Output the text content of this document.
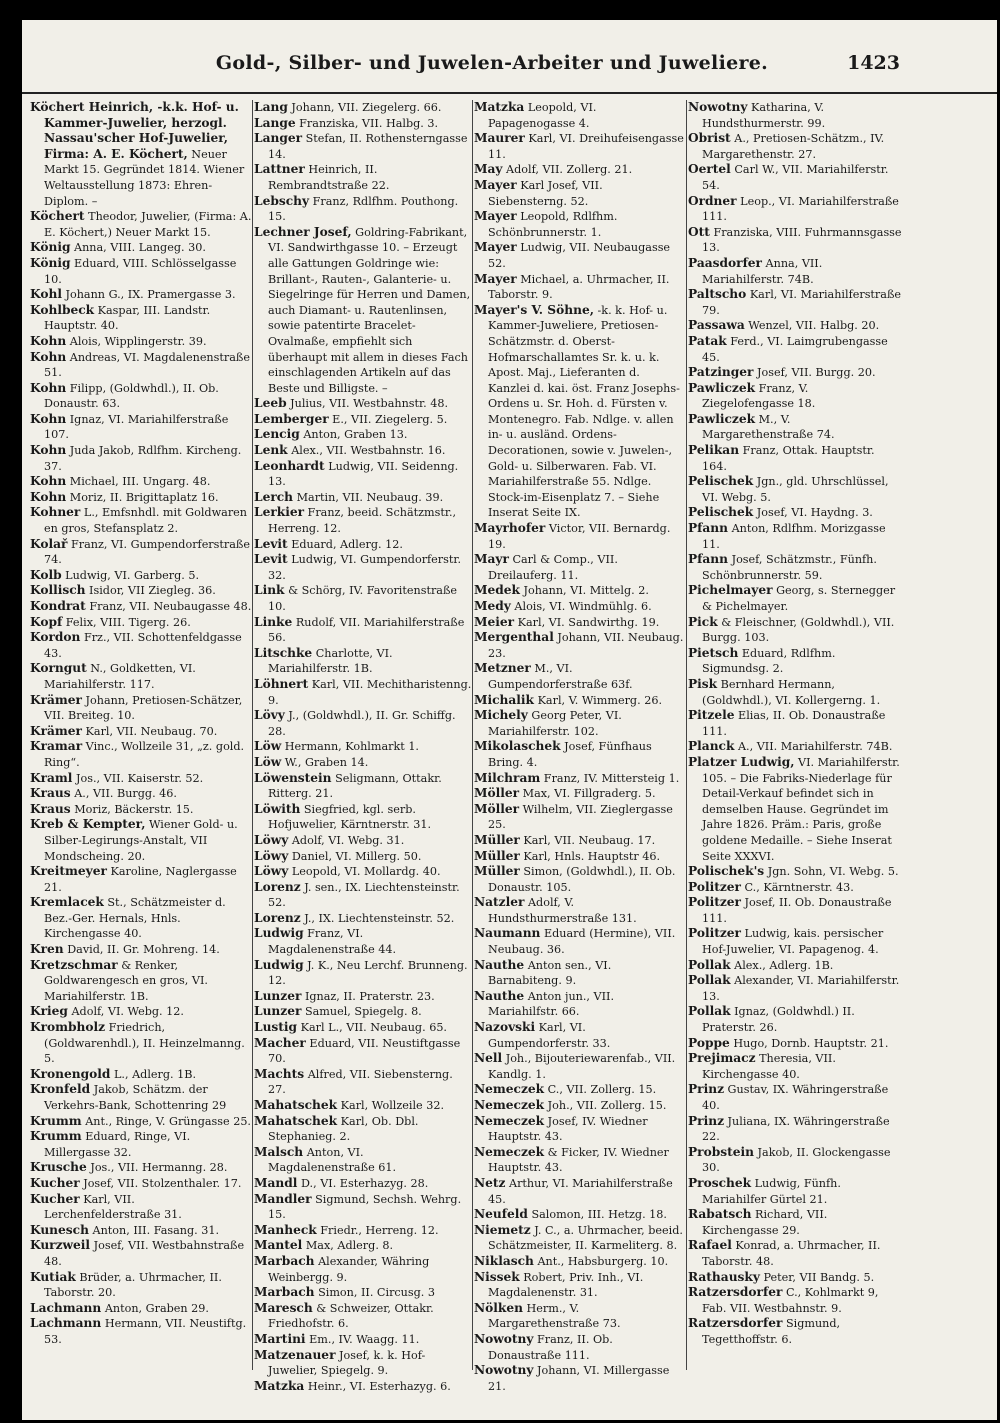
Gold-, Silber- und Juwelen-Arbeiter und Juweliere.	1423
Köchert Heinrich, -k.k. Hof- u. Kammer-Juwelier, herzogl. Nassau'scher Hof-Juwelier, Firma: A. E. Köchert, Neuer Markt 15. Gegründet 1814. Wiener Weltausstellung 1873: Ehren-Diplom. –
Köchert Theodor, Juwelier, (Firma: A. E. Köchert,) Neuer Markt 15.
König Anna, VIII. Langeg. 30.
König Eduard, VIII. Schlösselgasse 10.
Kohl Johann G., IX. Pramergasse 3.
Kohlbeck Kaspar, III. Landstr. Hauptstr. 40.
Kohn Alois, Wipplingerstr. 39.
Kohn Andreas, VI. Magdalenenstraße 51.
Kohn Filipp, (Goldwhdl.), II. Ob. Donaustr. 63.
Kohn Ignaz, VI. Mariahilferstraße 107.
Kohn Juda Jakob, Rdlfhm. Kircheng. 37.
Kohn Michael, III. Ungarg. 48.
Kohn Moriz, II. Brigittaplatz 16.
Kohner L., Emfsnhdl. mit Goldwaren en gros, Stefansplatz 2.
Kolař Franz, VI. Gumpendorferstraße 74.
Kolb Ludwig, VI. Garberg. 5.
Kollisch Isidor, VII Ziegleg. 36.
Kondrat Franz, VII. Neubaugasse 48.
Kopf Felix, VIII. Tigerg. 26.
Kordon Frz., VII. Schottenfeldgasse 43.
Korngut N., Goldketten, VI. Mariahilferstr. 117.
Krämer Johann, Pretiosen-Schätzer, VII. Breiteg. 10.
Krämer Karl, VII. Neubaug. 70.
Kramar Vinc., Wollzeile 31, „z. gold. Ring“.
Kraml Jos., VII. Kaiserstr. 52.
Kraus A., VII. Burgg. 46.
Kraus Moriz, Bäckerstr. 15.
Kreb & Kempter, Wiener Gold- u. Silber-Legirungs-Anstalt, VII Mondscheing. 20.
Kreitmeyer Karoline, Naglergasse 21.
Kremlacek St., Schätzmeister d. Bez.-Ger. Hernals, Hnls. Kirchengasse 40.
Kren David, II. Gr. Mohreng. 14.
Kretzschmar & Renker, Goldwarengesch en gros, VI. Mariahilferstr. 1B.
Krieg Adolf, VI. Webg. 12.
Krombholz Friedrich, (Goldwarenhdl.), II. Heinzelmanng. 5.
Kronengold L., Adlerg. 1B.
Kronfeld Jakob, Schätzm. der Verkehrs-Bank, Schottenring 29
Krumm Ant., Ringe, V. Grüngasse 25.
Krumm Eduard, Ringe, VI. Millergasse 32.
Krusche Jos., VII. Hermanng. 28.
Kucher Josef, VII. Stolzenthaler. 17.
Kucher Karl, VII. Lerchenfelderstraße 31.
Kunesch Anton, III. Fasang. 31.
Kurzweil Josef, VII. Westbahnstraße 48.
Kutiak Brüder, a. Uhrmacher, II. Taborstr. 20.
Lachmann Anton, Graben 29.
Lachmann Hermann, VII. Neustiftg. 53.
Lang Johann, VII. Ziegelerg. 66.
Lange Franziska, VII. Halbg. 3.
Langer Stefan, II. Rothensterngasse 14.
Lattner Heinrich, II. Rembrandtstraße 22.
Lebschy Franz, Rdlfhm. Pouthong. 15.
Lechner Josef, Goldring-Fabrikant, VI. Sandwirthgasse 10. – Erzeugt alle Gattungen Goldringe wie: Brillant-, Rauten-, Galanterie- u. Siegelringe für Herren und Damen, auch Diamant- u. Rautenlinsen, sowie patentirte Bracelet-Ovalmaße, empfiehlt sich überhaupt mit allem in dieses Fach einschlagenden Artikeln auf das Beste und Billigste. –
Leeb Julius, VII. Westbahnstr. 48.
Lemberger E., VII. Ziegelerg. 5.
Lencig Anton, Graben 13.
Lenk Alex., VII. Westbahnstr. 16.
Leonhardt Ludwig, VII. Seidenng. 13.
Lerch Martin, VII. Neubaug. 39.
Lerkier Franz, beeid. Schätzmstr., Herreng. 12.
Levit Eduard, Adlerg. 12.
Levit Ludwig, VI. Gumpendorferstr. 32.
Link & Schörg, IV. Favoritenstraße 10.
Linke Rudolf, VII. Mariahilferstraße 56.
Litschke Charlotte, VI. Mariahilferstr. 1B.
Löhnert Karl, VII. Mechitharistenng. 9.
Lövy J., (Goldwhdl.), II. Gr. Schiffg. 28.
Löw Hermann, Kohlmarkt 1.
Löw W., Graben 14.
Löwenstein Seligmann, Ottakr. Ritterg. 21.
Löwith Siegfried, kgl. serb. Hofjuwelier, Kärntnerstr. 31.
Löwy Adolf, VI. Webg. 31.
Löwy Daniel, VI. Millerg. 50.
Löwy Leopold, VI. Mollardg. 40.
Lorenz J. sen., IX. Liechtensteinstr. 52.
Lorenz J., IX. Liechtensteinstr. 52.
Ludwig Franz, VI. Magdalenenstraße 44.
Ludwig J. K., Neu Lerchf. Brunneng. 12.
Lunzer Ignaz, II. Praterstr. 23.
Lunzer Samuel, Spiegelg. 8.
Lustig Karl L., VII. Neubaug. 65.
Macher Eduard, VII. Neustiftgasse 70.
Machts Alfred, VII. Siebensterng. 27.
Mahatschek Karl, Wollzeile 32.
Mahatschek Karl, Ob. Dbl. Stephanieg. 2.
Malsch Anton, VI. Magdalenenstraße 61.
Mandl D., VI. Esterhazyg. 28.
Mandler Sigmund, Sechsh. Wehrg. 15.
Manheck Friedr., Herreng. 12.
Mantel Max, Adlerg. 8.
Marbach Alexander, Währing Weinbergg. 9.
Marbach Simon, II. Circusg. 3
Maresch & Schweizer, Ottakr. Friedhofstr. 6.
Martini Em., IV. Waagg. 11.
Matzenauer Josef, k. k. Hof-Juwelier, Spiegelg. 9.
Matzka Heinr., VI. Esterhazyg. 6.
Matzka Leopold, VI. Papagenogasse 4.
Maurer Karl, VI. Dreihufeisengasse 11.
May Adolf, VII. Zollerg. 21.
Mayer Karl Josef, VII. Siebensterng. 52.
Mayer Leopold, Rdlfhm. Schönbrunnerstr. 1.
Mayer Ludwig, VII. Neubaugasse 52.
Mayer Michael, a. Uhrmacher, II. Taborstr. 9.
Mayer's V. Söhne, -k. k. Hof- u. Kammer-Juweliere, Pretiosen-Schätzmstr. d. Oberst-Hofmarschallamtes Sr. k. u. k. Apost. Maj., Lieferanten d. Kanzlei d. kai. öst. Franz Josephs-Ordens u. Sr. Hoh. d. Fürsten v. Montenegro. Fab. Ndlge. v. allen in- u. ausländ. Ordens-Decorationen, sowie v. Juwelen-, Gold- u. Silberwaren. Fab. VI. Mariahilferstraße 55. Ndlge. Stock-im-Eisenplatz 7. – Siehe Inserat Seite IX.
Mayrhofer Victor, VII. Bernardg. 19.
Mayr Carl & Comp., VII. Dreilauferg. 11.
Medek Johann, VI. Mittelg. 2.
Medy Alois, VI. Windmühlg. 6.
Meier Karl, VI. Sandwirthg. 19.
Mergenthal Johann, VII. Neubaug. 23.
Metzner M., VI. Gumpendorferstraße 63f.
Michalik Karl, V. Wimmerg. 26.
Michely Georg Peter, VI. Mariahilferstr. 102.
Mikolaschek Josef, Fünfhaus Bring. 4.
Milchram Franz, IV. Mittersteig 1.
Möller Max, VI. Fillgraderg. 5.
Möller Wilhelm, VII. Zieglergasse 25.
Müller Karl, VII. Neubaug. 17.
Müller Karl, Hnls. Hauptstr 46.
Müller Simon, (Goldwhdl.), II. Ob. Donaustr. 105.
Natzler Adolf, V. Hundsthurmerstraße 131.
Naumann Eduard (Hermine), VII. Neubaug. 36.
Nauthe Anton sen., VI. Barnabiteng. 9.
Nauthe Anton jun., VII. Mariahilfstr. 66.
Nazovski Karl, VI. Gumpendorferstr. 33.
Nell Joh., Bijouteriewarenfab., VII. Kandlg. 1.
Nemeczek C., VII. Zollerg. 15.
Nemeczek Joh., VII. Zollerg. 15.
Nemeczek Josef, IV. Wiedner Hauptstr. 43.
Nemeczek & Ficker, IV. Wiedner Hauptstr. 43.
Netz Arthur, VI. Mariahilferstraße 45.
Neufeld Salomon, III. Hetzg. 18.
Niemetz J. C., a. Uhrmacher, beeid. Schätzmeister, II. Karmeliterg. 8.
Niklasch Ant., Habsburgerg. 10.
Nissek Robert, Priv. Inh., VI. Magdalenenstr. 31.
Nölken Herm., V. Margarethenstraße 73.
Nowotny Franz, II. Ob. Donaustraße 111.
Nowotny Johann, VI. Millergasse 21.
Nowotny Katharina, V. Hundsthurmerstr. 99.
Obrist A., Pretiosen-Schätzm., IV. Margarethenstr. 27.
Oertel Carl W., VII. Mariahilferstr. 54.
Ordner Leop., VI. Mariahilferstraße 111.
Ott Franziska, VIII. Fuhrmannsgasse 13.
Paasdorfer Anna, VII. Mariahilferstr. 74B.
Paltscho Karl, VI. Mariahilferstraße 79.
Passawa Wenzel, VII. Halbg. 20.
Patak Ferd., VI. Laimgrubengasse 45.
Patzinger Josef, VII. Burgg. 20.
Pawliczek Franz, V. Ziegelofengasse 18.
Pawliczek M., V. Margarethenstraße 74.
Pelikan Franz, Ottak. Hauptstr. 164.
Pelischek Jgn., gld. Uhrschlüssel, VI. Webg. 5.
Pelischek Josef, VI. Haydng. 3.
Pfann Anton, Rdlfhm. Morizgasse 11.
Pfann Josef, Schätzmstr., Fünfh. Schönbrunnerstr. 59.
Pichelmayer Georg, s. Sternegger & Pichelmayer.
Pick & Fleischner, (Goldwhdl.), VII. Burgg. 103.
Pietsch Eduard, Rdlfhm. Sigmundsg. 2.
Pisk Bernhard Hermann, (Goldwhdl.), VI. Kollergerng. 1.
Pitzele Elias, II. Ob. Donaustraße 111.
Planck A., VII. Mariahilferstr. 74B.
Platzer Ludwig, VI. Mariahilferstr. 105. – Die Fabriks-Niederlage für Detail-Verkauf befindet sich in demselben Hause. Gegründet im Jahre 1826. Präm.: Paris, große goldene Medaille. – Siehe Inserat Seite XXXVI.
Polischek's Jgn. Sohn, VI. Webg. 5.
Politzer C., Kärntnerstr. 43.
Politzer Josef, II. Ob. Donaustraße 111.
Politzer Ludwig, kais. persischer Hof-Juwelier, VI. Papagenog. 4.
Pollak Alex., Adlerg. 1B.
Pollak Alexander, VI. Mariahilferstr. 13.
Pollak Ignaz, (Goldwhdl.) II. Praterstr. 26.
Poppe Hugo, Dornb. Hauptstr. 21.
Prejimacz Theresia, VII. Kirchengasse 40.
Prinz Gustav, IX. Währingerstraße 40.
Prinz Juliana, IX. Währingerstraße 22.
Probstein Jakob, II. Glockengasse 30.
Proschek Ludwig, Fünfh. Mariahilfer Gürtel 21.
Rabatsch Richard, VII. Kirchengasse 29.
Rafael Konrad, a. Uhrmacher, II. Taborstr. 48.
Rathausky Peter, VII Bandg. 5.
Ratzersdorfer C., Kohlmarkt 9, Fab. VII. Westbahnstr. 9.
Ratzersdorfer Sigmund, Tegetthoffstr. 6.
